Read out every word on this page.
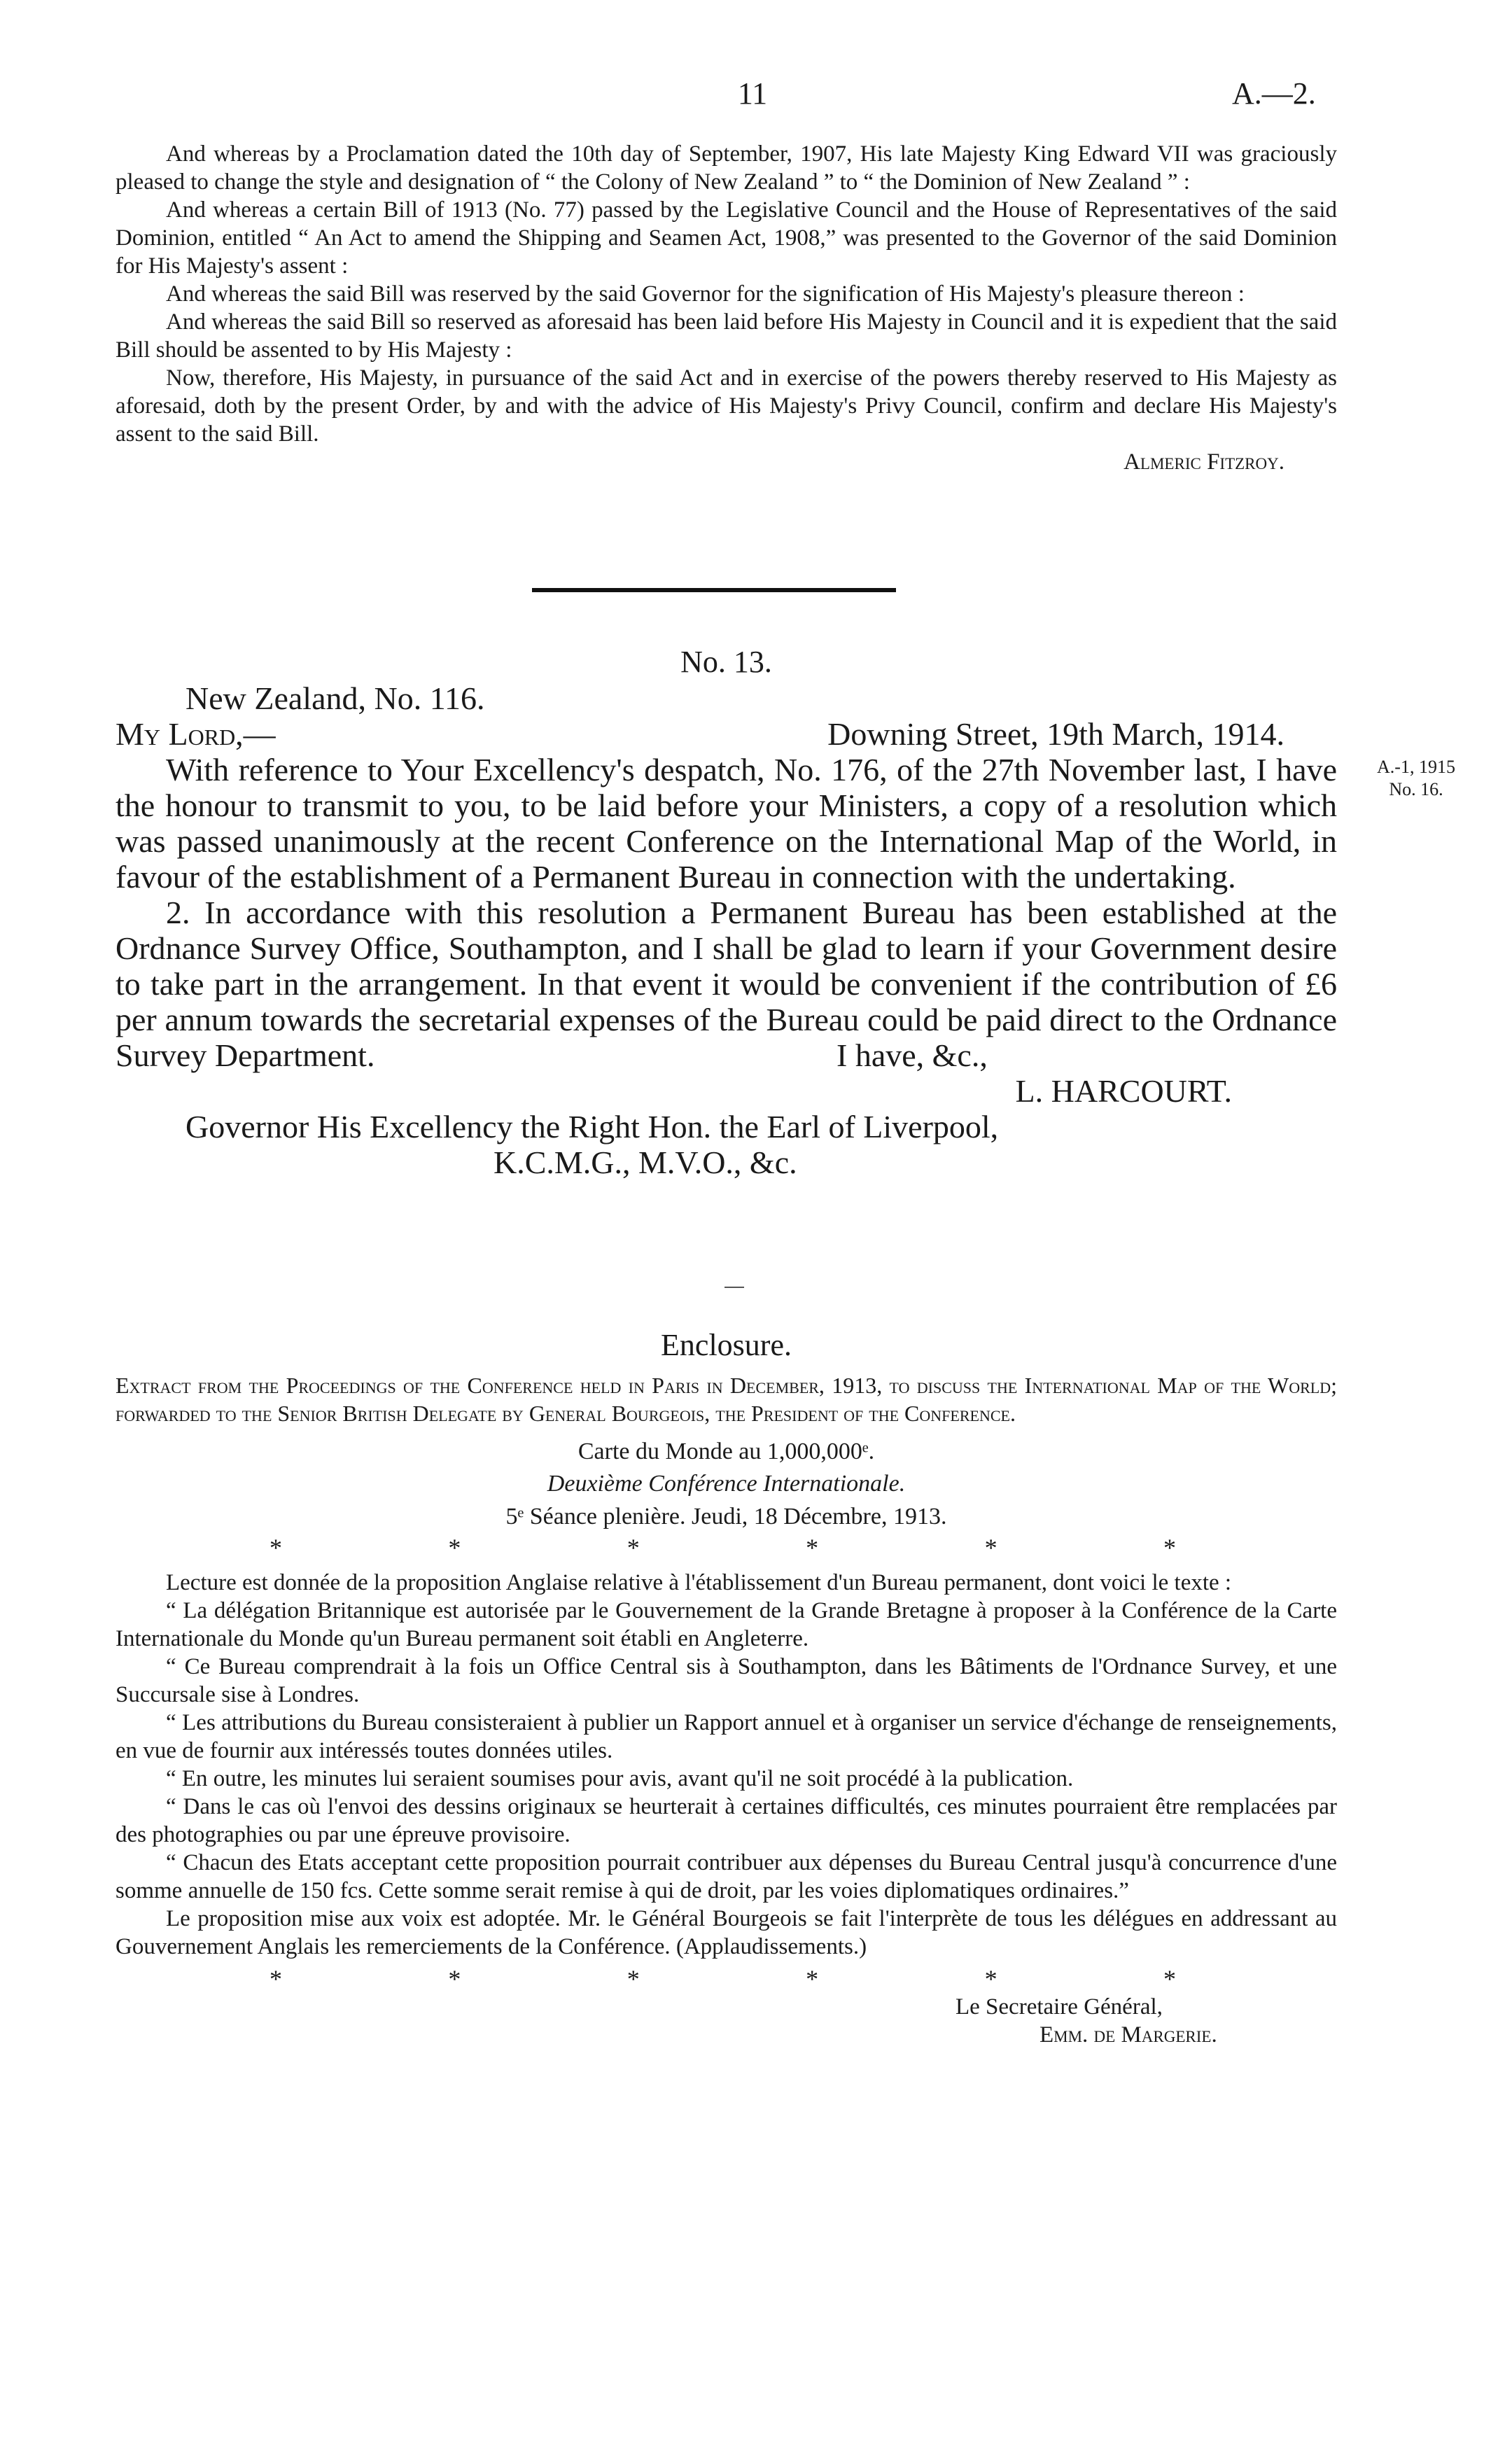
11	A.—2.

And whereas by a Proclamation dated the 10th day of September, 1907, His late Majesty King Edward VII was graciously pleased to change the style and designation of “ the Colony of New Zealand ” to “ the Dominion of New Zealand ” :

And whereas a certain Bill of 1913 (No. 77) passed by the Legislative Council and the House of Representatives of the said Dominion, entitled “ An Act to amend the Shipping and Seamen Act, 1908,” was presented to the Governor of the said Dominion for His Majesty's assent :

And whereas the said Bill was reserved by the said Governor for the signification of His Majesty's pleasure thereon :

And whereas the said Bill so reserved as aforesaid has been laid before His Majesty in Council and it is expedient that the said Bill should be assented to by His Majesty :

Now, therefore, His Majesty, in pursuance of the said Act and in exercise of the powers thereby reserved to His Majesty as aforesaid, doth by the present Order, by and with the advice of His Majesty's Privy Council, confirm and declare His Majesty's assent to the said Bill.

Almeric Fitzroy.
No. 13.
New Zealand, No. 116.
My Lord,—	Downing Street, 19th March, 1914.

With reference to Your Excellency's despatch, No. 176, of the 27th November last, I have the honour to transmit to you, to be laid before your Ministers, a copy of a resolution which was passed unanimously at the recent Conference on the International Map of the World, in favour of the establishment of a Permanent Bureau in connection with the undertaking.

2. In accordance with this resolution a Permanent Bureau has been established at the Ordnance Survey Office, Southampton, and I shall be glad to learn if your Government desire to take part in the arrangement. In that event it would be convenient if the contribution of £6 per annum towards the secretarial expenses of the Bureau could be paid direct to the Ordnance Survey Department.	I have, &c.,
L. HARCOURT.
Governor His Excellency the Right Hon. the Earl of Liverpool,
K.C.M.G., M.V.O., &c.
A.-1, 1915
No. 16.
Enclosure.
Extract from the Proceedings of the Conference held in Paris in December, 1913, to discuss the International Map of the World; forwarded to the Senior British Delegate by General Bourgeois, the President of the Conference.
Carte du Monde au 1,000,000ᵉ.
Deuxième Conférence Internationale.
5ᵉ Séance plenière. Jeudi, 18 Décembre, 1913.
*	*	*	*	*	*

Lecture est donnée de la proposition Anglaise relative à l'établissement d'un Bureau permanent, dont voici le texte :

“ La délégation Britannique est autorisée par le Gouvernement de la Grande Bretagne à proposer à la Conférence de la Carte Internationale du Monde qu'un Bureau permanent soit établi en Angleterre.

“ Ce Bureau comprendrait à la fois un Office Central sis à Southampton, dans les Bâtiments de l'Ordnance Survey, et une Succursale sise à Londres.

“ Les attributions du Bureau consisteraient à publier un Rapport annuel et à organiser un service d'échange de renseignements, en vue de fournir aux intéressés toutes données utiles.

“ En outre, les minutes lui seraient soumises pour avis, avant qu'il ne soit procédé à la publication.

“ Dans le cas où l'envoi des dessins originaux se heurterait à certaines difficultés, ces minutes pourraient être remplacées par des photographies ou par une épreuve provisoire.

“ Chacun des Etats acceptant cette proposition pourrait contribuer aux dépenses du Bureau Central jusqu'à concurrence d'une somme annuelle de 150 fcs. Cette somme serait remise à qui de droit, par les voies diplomatiques ordinaires.”

Le proposition mise aux voix est adoptée. Mr. le Général Bourgeois se fait l'interprète de tous les délégues en addressant au Gouvernement Anglais les remerciements de la Conférence. (Applaudissements.)

*	*	*	*	*	*
Le Secretaire Général,
Emm. de Margerie.
